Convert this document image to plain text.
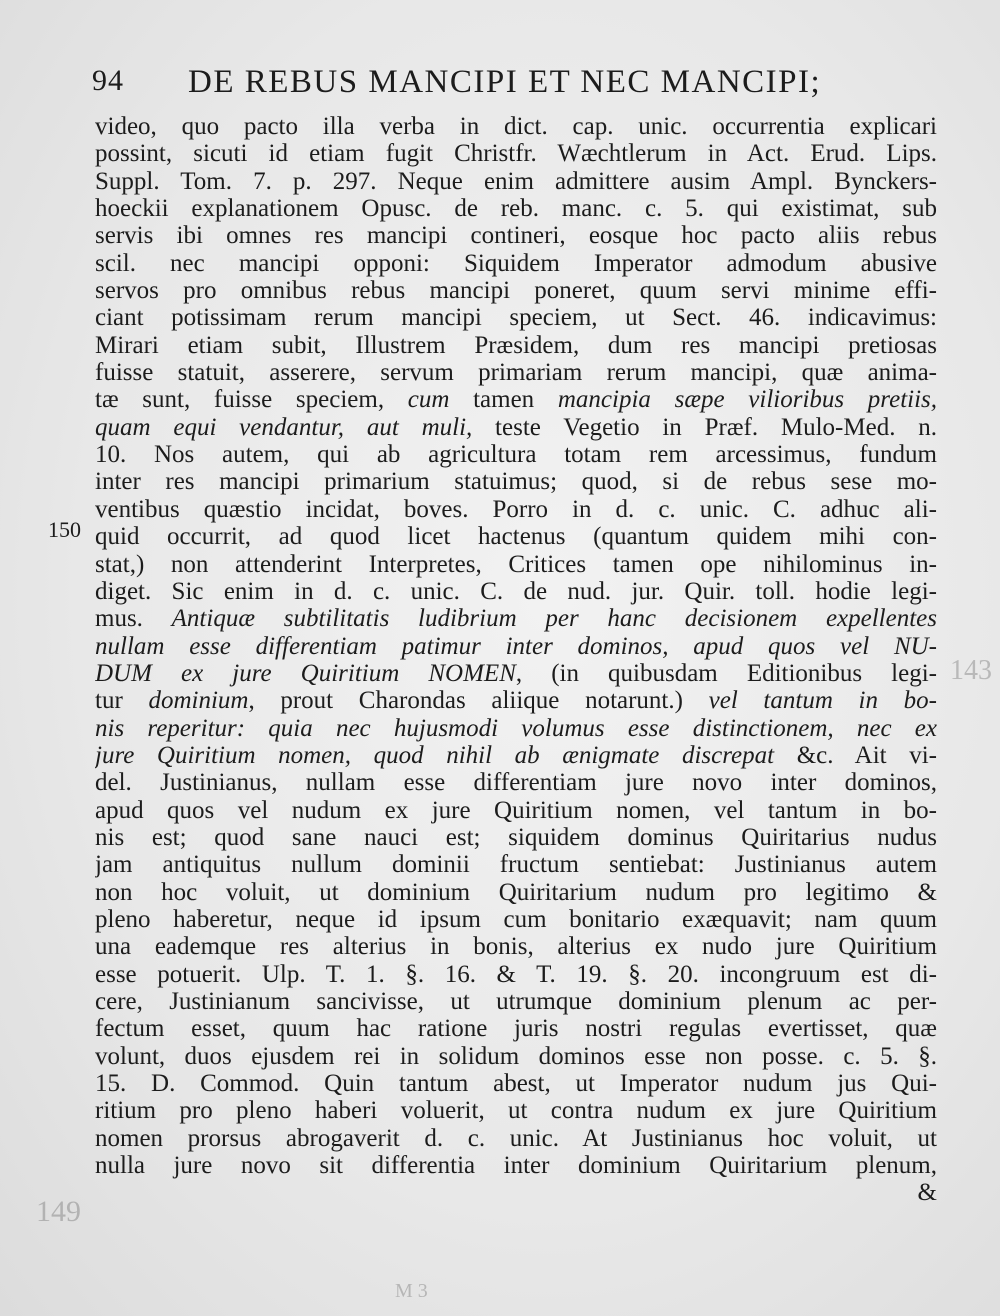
94 DE REBUS MANCIPI ET NEC MANCIPI;
150
video, quo pacto illa verba in dict. cap. unic. occurrentia explicari
possint, sicuti id etiam fugit Christfr. Wæchtlerum in Act. Erud. Lips.
Suppl. Tom. 7. p. 297. Neque enim admittere ausim Ampl. Bynckers-
hoeckii explanationem Opusc. de reb. manc. c. 5. qui existimat, sub
servis ibi omnes res mancipi contineri, eosque hoc pacto aliis rebus
scil. nec mancipi opponi: Siquidem Imperator admodum abusive
servos pro omnibus rebus mancipi poneret, quum servi minime effi-
ciant potissimam rerum mancipi speciem, ut Sect. 46. indicavimus:
Mirari etiam subit, Illustrem Præsidem, dum res mancipi pretiosas
fuisse statuit, asserere, servum primariam rerum mancipi, quæ anima-
tæ sunt, fuisse speciem, cum tamen mancipia sæpe vilioribus pretiis,
quam equi vendantur, aut muli, teste Vegetio in Præf. Mulo-Med. n.
10. Nos autem, qui ab agricultura totam rem arcessimus, fundum
inter res mancipi primarium statuimus; quod, si de rebus sese mo-
ventibus quæstio incidat, boves. Porro in d. c. unic. C. adhuc ali-
quid occurrit, ad quod licet hactenus (quantum quidem mihi con-
stat,) non attenderint Interpretes, Critices tamen ope nihilominus in-
diget. Sic enim in d. c. unic. C. de nud. jur. Quir. toll. hodie legi-
mus. Antiquæ subtilitatis ludibrium per hanc decisionem expellentes
nullam esse differentiam patimur inter dominos, apud quos vel NU-
DUM ex jure Quiritium NOMEN, (in quibusdam Editionibus legi-
tur dominium, prout Charondas aliique notarunt.) vel tantum in bo-
nis reperitur: quia nec hujusmodi volumus esse distinctionem, nec ex
jure Quiritium nomen, quod nihil ab ænigmate discrepat &c. Ait vi-
del. Justinianus, nullam esse differentiam jure novo inter dominos,
apud quos vel nudum ex jure Quiritium nomen, vel tantum in bo-
nis est; quod sane nauci est; siquidem dominus Quiritarius nudus
jam antiquitus nullum dominii fructum sentiebat: Justinianus autem
non hoc voluit, ut dominium Quiritarium nudum pro legitimo &
pleno haberetur, neque id ipsum cum bonitario exæquavit; nam quum
una eademque res alterius in bonis, alterius ex nudo jure Quiritium
esse potuerit. Ulp. T. 1. §. 16. & T. 19. §. 20. incongruum est di-
cere, Justinianum sancivisse, ut utrumque dominium plenum ac per-
fectum esset, quum hac ratione juris nostri regulas evertisset, quæ
volunt, duos ejusdem rei in solidum dominos esse non posse. c. 5. §.
15. D. Commod. Quin tantum abest, ut Imperator nudum jus Qui-
ritium pro pleno haberi voluerit, ut contra nudum ex jure Quiritium
nomen prorsus abrogaverit d. c. unic. At Justinianus hoc voluit, ut
nulla jure novo sit differentia inter dominium Quiritarium plenum,
&
143
149
M 3
